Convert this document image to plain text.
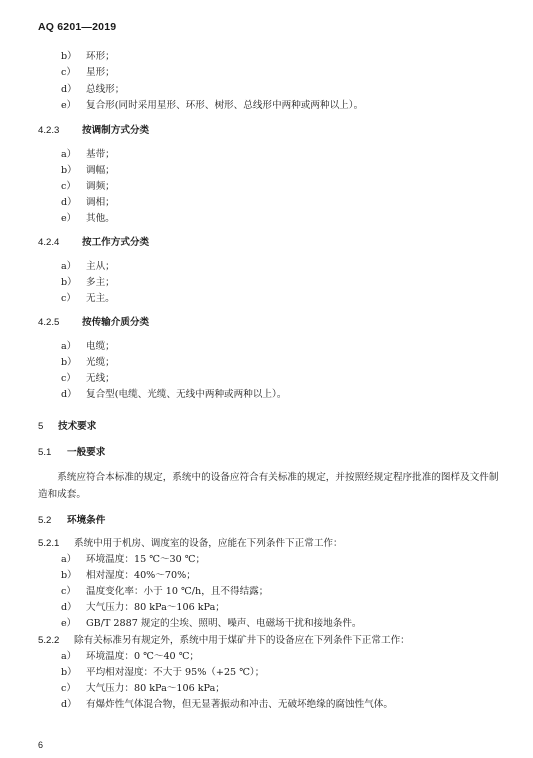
AQ 6201—2019
b） 环形；
c） 星形；
d） 总线形；
e） 复合形(同时采用星形、环形、树形、总线形中两种或两种以上）。
4.2.3 按调制方式分类
a） 基带；
b） 调幅；
c） 调频；
d） 调相；
e） 其他。
4.2.4 按工作方式分类
a） 主从；
b） 多主；
c） 无主。
4.2.5 按传输介质分类
a） 电缆；
b） 光缆；
c） 无线；
d） 复合型(电缆、光缆、无线中两种或两种以上）。
5 技术要求
5.1 一般要求
系统应符合本标准的规定，系统中的设备应符合有关标准的规定，并按照经规定程序批准的图样及文件制造和成套。
5.2 环境条件
5.2.1 系统中用于机房、调度室的设备，应能在下列条件下正常工作：
a） 环境温度：15 ℃～30 ℃；
b） 相对湿度：40%～70%；
c） 温度变化率：小于 10 ℃/h，且不得结露；
d） 大气压力：80 kPa～106 kPa；
e） GB/T 2887 规定的尘埃、照明、噪声、电磁场干扰和接地条件。
5.2.2 除有关标准另有规定外，系统中用于煤矿井下的设备应在下列条件下正常工作：
a） 环境温度：0 ℃～40 ℃；
b） 平均相对湿度：不大于 95%（+25 ℃）；
c） 大气压力：80 kPa～106 kPa；
d） 有爆炸性气体混合物，但无显著振动和冲击、无破坏绝缘的腐蚀性气体。
6
